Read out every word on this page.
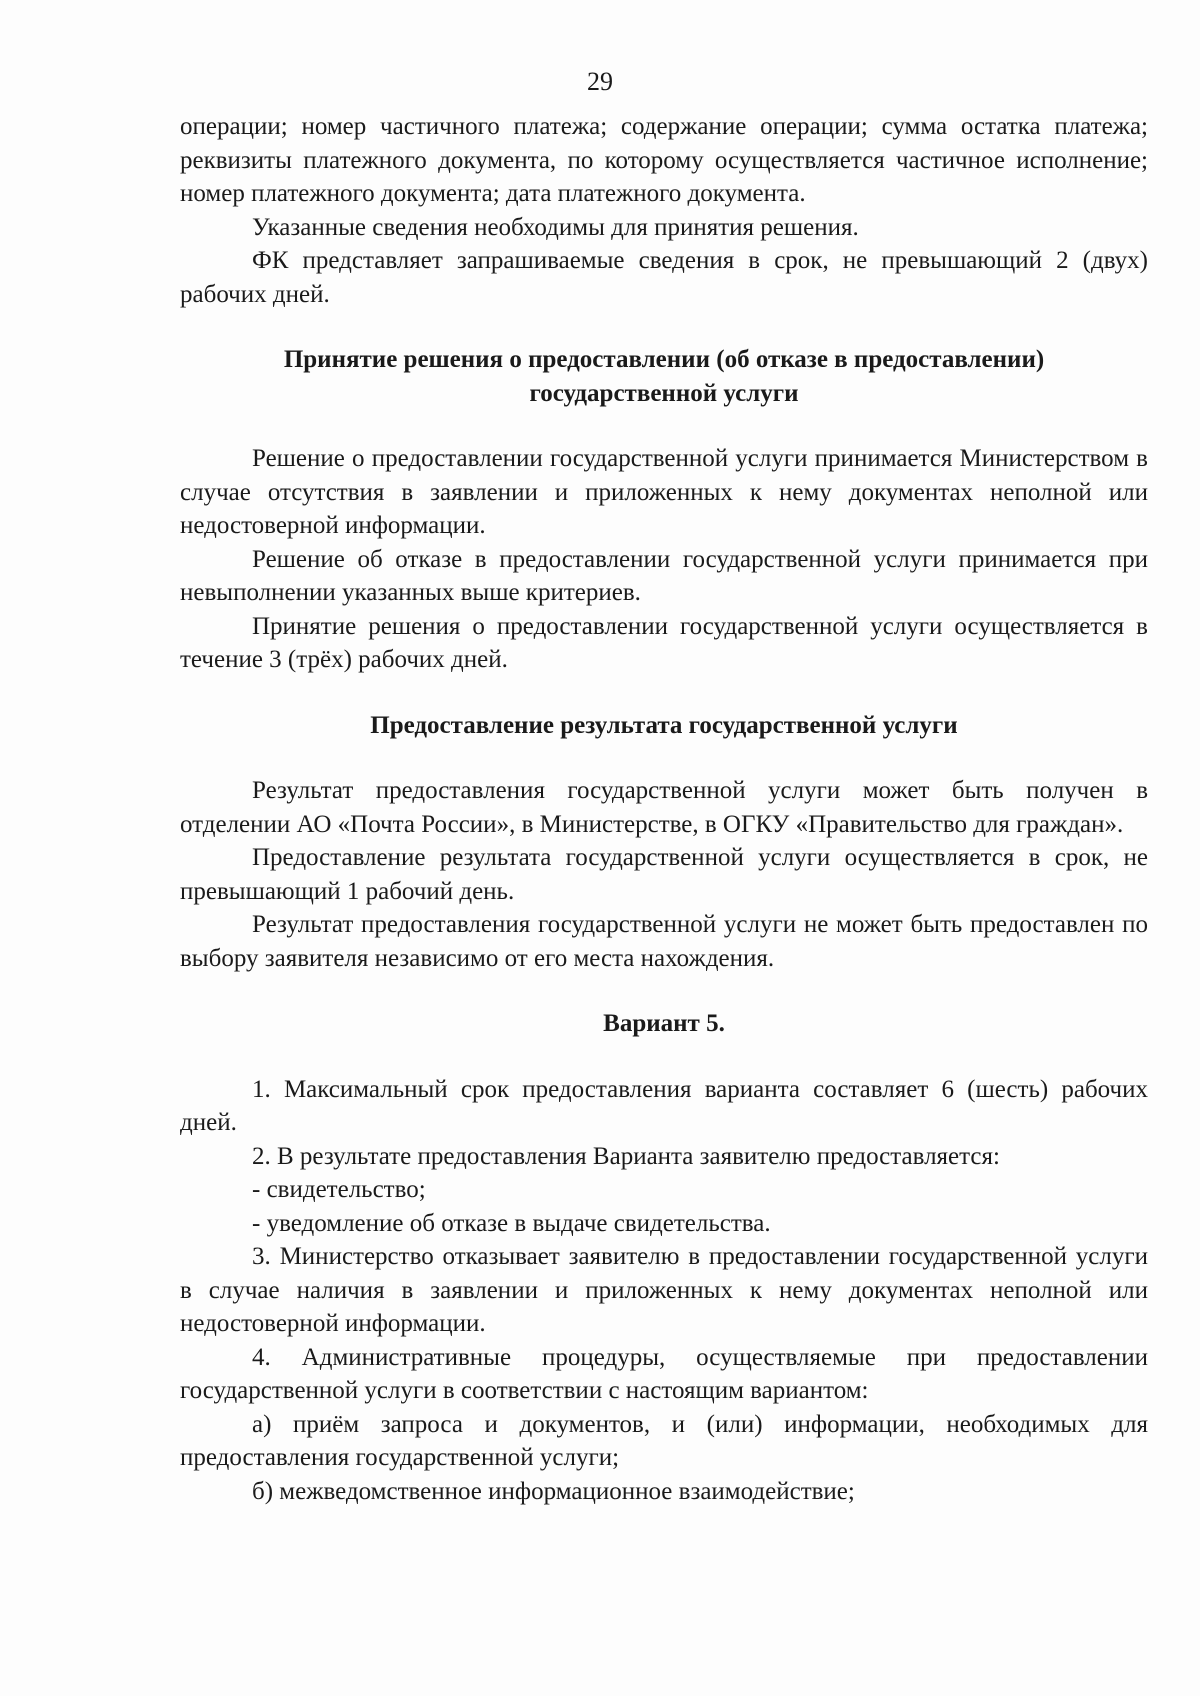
29

операции; номер частичного платежа; содержание операции; сумма остатка платежа; реквизиты платежного документа, по которому осуществляется частичное исполнение; номер платежного документа; дата платежного документа.

Указанные сведения необходимы для принятия решения.

ФК представляет запрашиваемые сведения в срок, не превышающий 2 (двух) рабочих дней.

Принятие решения о предоставлении (об отказе в предоставлении)
государственной услуги

Решение о предоставлении государственной услуги принимается Министерством в случае отсутствия в заявлении и приложенных к нему документах неполной или недостоверной информации.

Решение об отказе в предоставлении государственной услуги принимается при невыполнении указанных выше критериев.

Принятие решения о предоставлении государственной услуги осуществляется в течение 3 (трёх) рабочих дней.

Предоставление результата государственной услуги

Результат предоставления государственной услуги может быть получен в отделении АО «Почта России», в Министерстве, в ОГКУ «Правительство для граждан».

Предоставление результата государственной услуги осуществляется в срок, не превышающий 1 рабочий день.

Результат предоставления государственной услуги не может быть предоставлен по выбору заявителя независимо от его места нахождения.

Вариант 5.

1. Максимальный срок предоставления варианта составляет 6 (шесть) рабочих дней.

2. В результате предоставления Варианта заявителю предоставляется:

- свидетельство;

- уведомление об отказе в выдаче свидетельства.

3. Министерство отказывает заявителю в предоставлении государственной услуги в случае наличия в заявлении и приложенных к нему документах неполной или недостоверной информации.

4. Административные процедуры, осуществляемые при предоставлении государственной услуги в соответствии с настоящим вариантом:

а) приём запроса и документов, и (или) информации, необходимых для предоставления государственной услуги;

б) межведомственное информационное взаимодействие;
